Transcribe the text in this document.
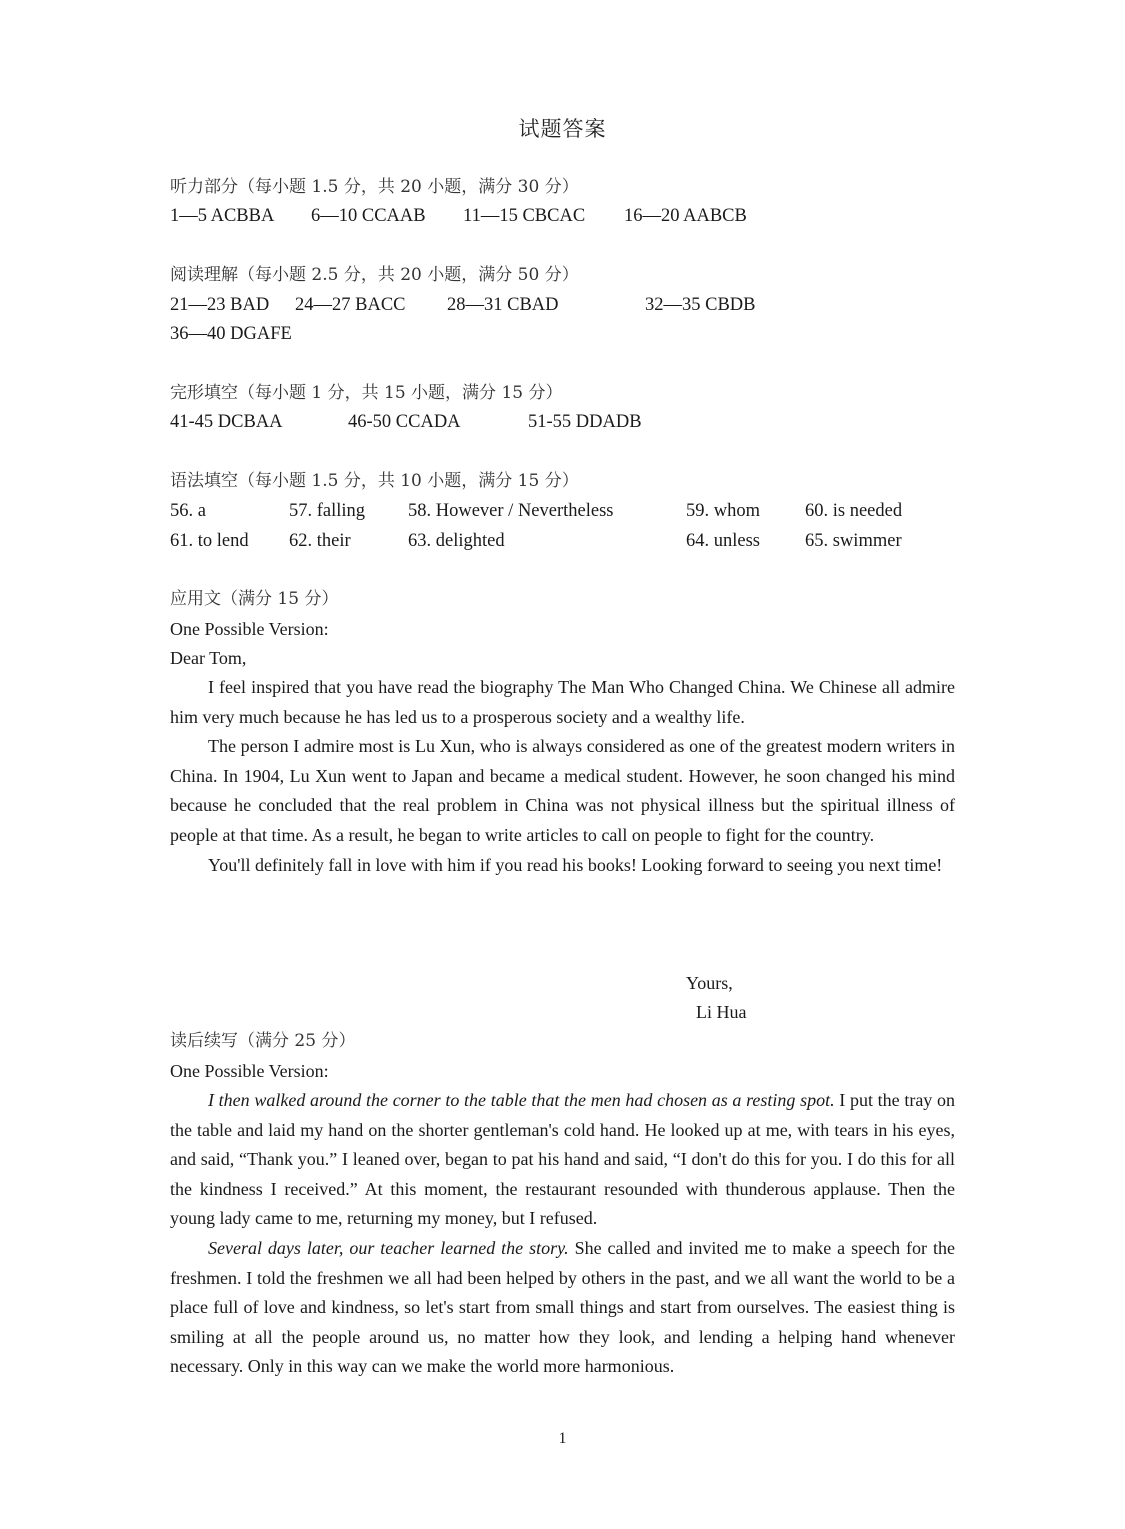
试题答案
听力部分（每小题 1.5 分，共 20 小题，满分 30 分）
1—5 ACBBA 6—10 CCAAB 11—15 CBCAC 16—20 AABCB
阅读理解（每小题 2.5 分，共 20 小题，满分 50 分）
21—23 BAD 24—27 BACC 28—31 CBAD	32—35 CBDB
36—40 DGAFE
完形填空（每小题 1 分，共 15 小题，满分 15 分）
41-45 DCBAA	46-50 CCADA	51-55 DDADB
语法填空（每小题 1.5 分，共 10 小题，满分 15 分）
56. a	57. falling 58. However / Nevertheless	59. whom 60. is needed
61. to lend 62. their	63. delighted	64. unless 65. swimmer
应用文（满分 15 分）
One Possible Version:
Dear Tom,

I feel inspired that you have read the biography The Man Who Changed China. We Chinese all admire him very much because he has led us to a prosperous society and a wealthy life.

The person I admire most is Lu Xun, who is always considered as one of the greatest modern writers in China. In 1904, Lu Xun went to Japan and became a medical student. However, he soon changed his mind because he concluded that the real problem in China was not physical illness but the spiritual illness of people at that time. As a result, he began to write articles to call on people to fight for the country.

You'll definitely fall in love with him if you read his books! Looking forward to seeing you next time!

Yours,
Li Hua
读后续写（满分 25 分）
One Possible Version:

I then walked around the corner to the table that the men had chosen as a resting spot. I put the tray on the table and laid my hand on the shorter gentleman's cold hand. He looked up at me, with tears in his eyes, and said, “Thank you.” I leaned over, began to pat his hand and said, “I don't do this for you. I do this for all the kindness I received.” At this moment, the restaurant resounded with thunderous applause. Then the young lady came to me, returning my money, but I refused.

Several days later, our teacher learned the story. She called and invited me to make a speech for the freshmen. I told the freshmen we all had been helped by others in the past, and we all want the world to be a place full of love and kindness, so let's start from small things and start from ourselves. The easiest thing is smiling at all the people around us, no matter how they look, and lending a helping hand whenever necessary. Only in this way can we make the world more harmonious.

1
